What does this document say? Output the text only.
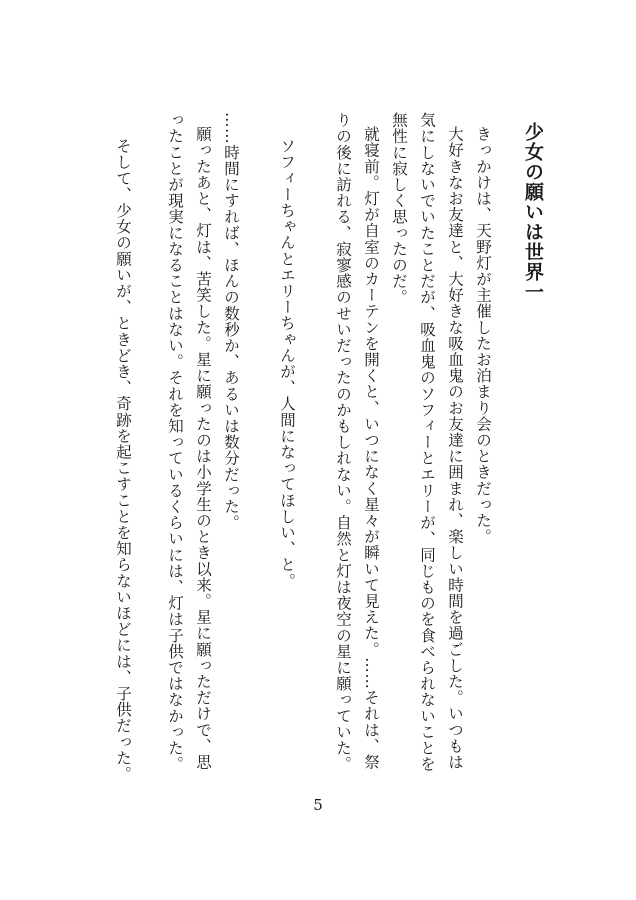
少女の願いは世界一
きっかけは、天野灯が主催したお泊まり会のときだった。
大好きなお友達と、大好きな吸血鬼のお友達に囲まれ、楽しい時間を過ごした。いつもは
気にしないでいたことだが、吸血鬼のソフィーとエリーが、同じものを食べられないことを
無性に寂しく思ったのだ。
就寝前。灯が自室のカーテンを開くと、いつになく星々が瞬いて見えた。……それは、祭
りの後に訪れる、寂寥感のせいだったのかもしれない。自然と灯は夜空の星に願っていた。
ソフィーちゃんとエリーちゃんが、人間になってほしい、と。
……時間にすれば、ほんの数秒か、あるいは数分だった。
願ったあと、灯は、苦笑した。星に願ったのは小学生のとき以来。星に願っただけで、思
ったことが現実になることはない。それを知っているくらいには、灯は子供ではなかった。
そして、少女の願いが、ときどき、奇跡を起こすことを知らないほどには、子供だった。
5
